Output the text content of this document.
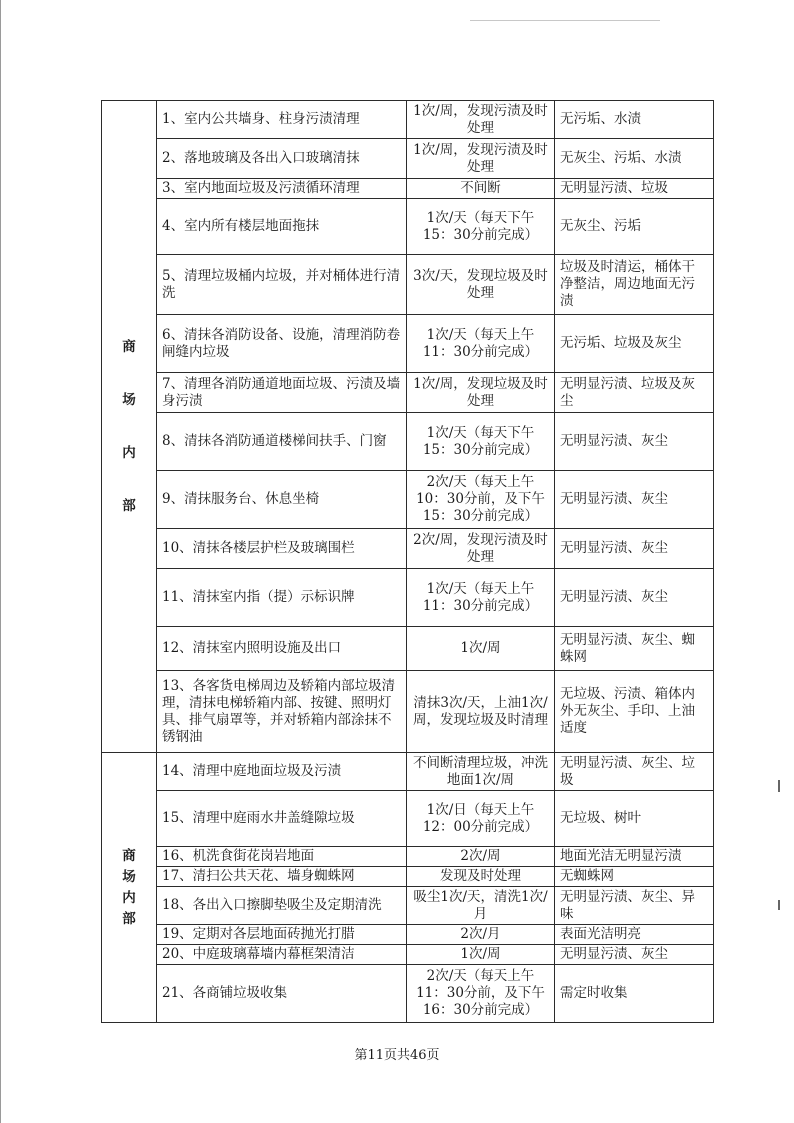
商
场
内
部	1、室内公共墙身、柱身污渍清理	1次/周，发现污渍及时处理	无污垢、水渍
	2、落地玻璃及各出入口玻璃清抹	1次/周，发现污渍及时处理	无灰尘、污垢、水渍
	3、室内地面垃圾及污渍循环清理	不间断	无明显污渍、垃圾
	4、室内所有楼层地面拖抹	1次/天（每天下午15：30分前完成）	无灰尘、污垢
	5、清理垃圾桶内垃圾，并对桶体进行清洗	3次/天，发现垃圾及时处理	垃圾及时清运，桶体干净整洁，周边地面无污渍
	6、清抹各消防设备、设施，清理消防卷闸缝内垃圾	1次/天（每天上午11：30分前完成）	无污垢、垃圾及灰尘
	7、清理各消防通道地面垃圾、污渍及墙身污渍	1次/周，发现垃圾及时处理	无明显污渍、垃圾及灰尘
	8、清抹各消防通道楼梯间扶手、门窗	1次/天（每天下午15：30分前完成）	无明显污渍、灰尘
	9、清抹服务台、休息坐椅	2次/天（每天上午10：30分前，及下午15：30分前完成）	无明显污渍、灰尘
	10、清抹各楼层护栏及玻璃围栏	2次/周，发现污渍及时处理	无明显污渍、灰尘
	11、清抹室内指（提）示标识牌	1次/天（每天上午11：30分前完成）	无明显污渍、灰尘
	12、清抹室内照明设施及出口	1次/周	无明显污渍、灰尘、蜘蛛网
	13、各客货电梯周边及轿箱内部垃圾清理，清抹电梯轿箱内部、按键、照明灯具、排气扇罩等，并对轿箱内部涂抹不锈钢油	清抹3次/天，上油1次/周，发现垃圾及时清理	无垃圾、污渍、箱体内外无灰尘、手印、上油适度

商
场
内
部	14、清理中庭地面垃圾及污渍	不间断清理垃圾，冲洗地面1次/周	无明显污渍、灰尘、垃圾
	15、清理中庭雨水井盖缝隙垃圾	1次/日（每天上午12：00分前完成）	无垃圾、树叶
	16、机洗食街花岗岩地面	2次/周	地面光洁无明显污渍
	17、清扫公共天花、墙身蜘蛛网	发现及时处理	无蜘蛛网
	18、各出入口擦脚垫吸尘及定期清洗	吸尘1次/天，清洗1次/月	无明显污渍、灰尘、异味
	19、定期对各层地面砖抛光打腊	2次/月	表面光洁明亮
	20、中庭玻璃幕墙内幕框架清洁	1次/周	无明显污渍、灰尘
	21、各商铺垃圾收集	2次/天（每天上午11：30分前，及下午16：30分前完成）	需定时收集
第11页共46页
